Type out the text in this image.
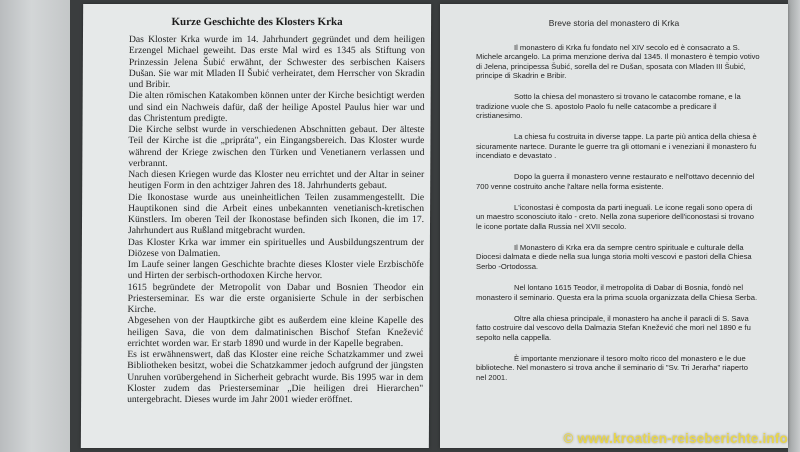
Kurze Geschichte des Klosters Krka

Das Kloster Krka wurde im 14. Jahrhundert gegründet und dem heiligen Erzengel Michael geweiht. Das erste Mal wird es 1345 als Stiftung von Prinzessin Jelena Šubić erwähnt, der Schwester des serbischen Kaisers Dušan. Sie war mit Mladen II Šubić verheiratet, dem Herrscher von Skradin und Bribir.

Die alten römischen Katakomben können unter der Kirche besichtigt werden und sind ein Nachweis dafür, daß der heilige Apostel Paulus hier war und das Christentum predigte.

Die Kirche selbst wurde in verschiedenen Abschnitten gebaut. Der älteste Teil der Kirche ist die „pripráta", ein Eingangsbereich. Das Kloster wurde während der Kriege zwischen den Türken und Venetianern verlassen und verbrannt.

Nach diesen Kriegen wurde das Kloster neu errichtet und der Altar in seiner heutigen Form in den achtziger Jahren des 18. Jahrhunderts gebaut.

Die Ikonostase wurde aus uneinheitlichen Teilen zusammengestellt. Die Hauptikonen sind die Arbeit eines unbekannten venetianisch-kretischen Künstlers. Im oberen Teil der Ikonostase befinden sich Ikonen, die im 17. Jahrhundert aus Rußland mitgebracht wurden.

Das Kloster Krka war immer ein spirituelles und Ausbildungszentrum der Diözese von Dalmatien.

Im Laufe seiner langen Geschichte brachte dieses Kloster viele Erzbischöfe und Hirten der serbisch-orthodoxen Kirche hervor.

1615 begründete der Metropolit von Dabar und Bosnien Theodor ein Priesterseminar. Es war die erste organisierte Schule in der serbischen Kirche.

Abgesehen von der Hauptkirche gibt es außerdem eine kleine Kapelle des heiligen Sava, die von dem dalmatinischen Bischof Stefan Knežević errichtet worden war. Er starb 1890 und wurde in der Kapelle begraben.

Es ist erwähnenswert, daß das Kloster eine reiche Schatzkammer und zwei Bibliotheken besitzt, wobei die Schatzkammer jedoch aufgrund der jüngsten Unruhen vorübergehend in Sicherheit gebracht wurde. Bis 1995 war in dem Kloster zudem das Priesterseminar „Die heiligen drei Hierarchen" untergebracht. Dieses wurde im Jahr 2001 wieder eröffnet.

Breve storia del monastero di Krka

Il monastero di Krka fu fondato nel XIV secolo ed è consacrato a S. Michele arcangelo. La prima menzione deriva dal 1345. Il monastero è tempio votivo di Jelena, principessa Šubić, sorella del re Dušan, sposata con Mladen III Šubić, principe di Skadrin e Bribir.

Sotto la chiesa del monastero si trovano le catacombe romane, e la tradizione vuole che S. apostolo Paolo fu nelle catacombe a predicare il cristianesimo.

La chiesa fu costruita in diverse tappe. La parte più antica della chiesa è sicuramente nartece. Durante le guerre tra gli ottomani e i veneziani il monastero fu incendiato e devastato .

Dopo la guerra il monastero venne restaurato e nell'ottavo decennio del 700 venne costruito anche l'altare nella forma esistente.

L'iconostasi è composta da parti ineguali. Le icone regali sono opera di un maestro sconosciuto italo - creto. Nella zona superiore dell'iconostasi si trovano le icone portate dalla Russia nel XVII secolo.

Il Monastero di Krka era da sempre centro spirituale e culturale della Diocesi dalmata e diede nella sua lunga storia molti vescovi e pastori della Chiesa Serbo -Ortodossa.

Nel lontano 1615 Teodor, il metropolita di Dabar di Bosnia, fondò nel monastero il seminario. Questa era la prima scuola organizzata della Chiesa Serba.

Oltre alla chiesa principale, il monastero ha anche il paracli di S. Sava fatto costruire dal vescovo della Dalmazia Stefan Knežević che morì nel 1890 e fu sepolto nella cappella.

È importante menzionare il tesoro molto ricco del monastero e le due biblioteche. Nel monastero si trova anche il seminario di "Sv. Tri Jerarha" riaperto nel 2001.

© www.kroatien-reiseberichte.info
